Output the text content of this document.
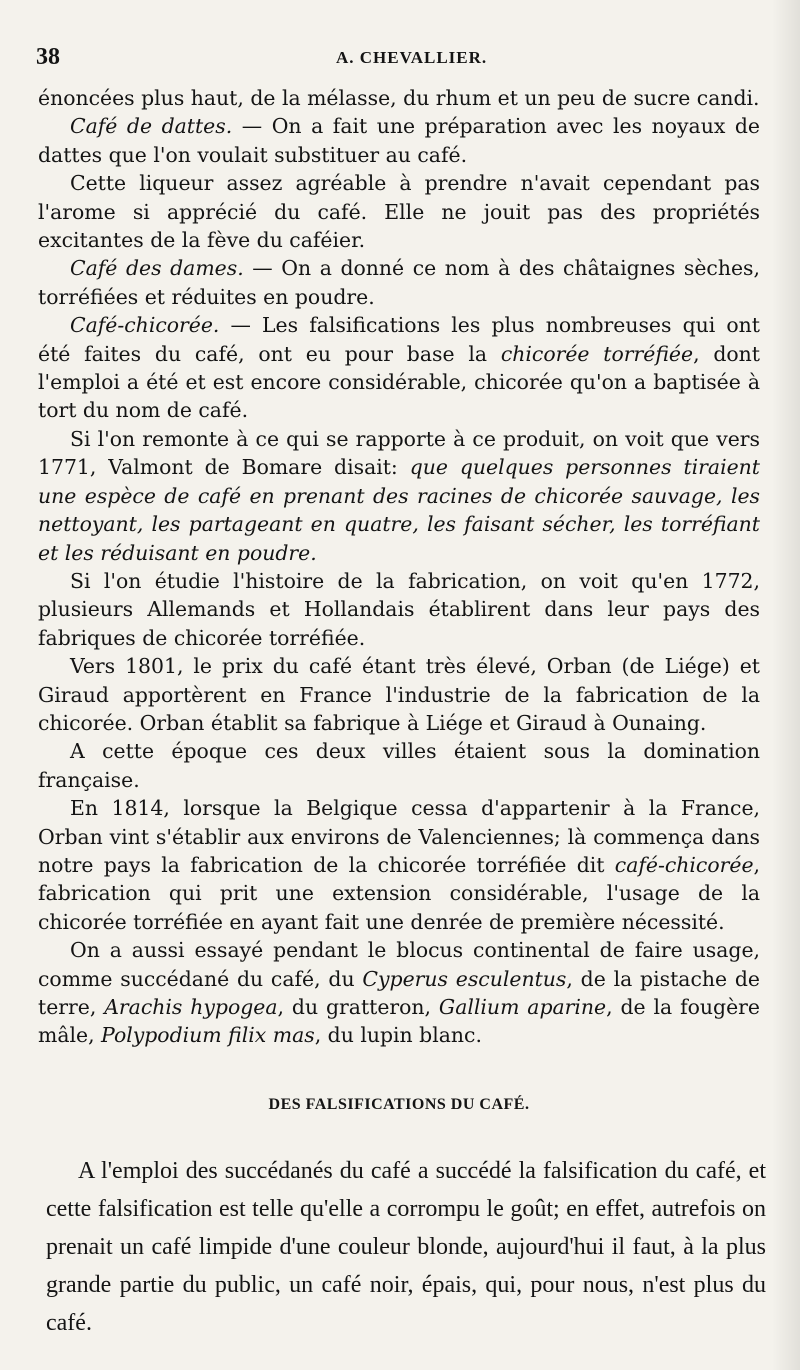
38	A. CHEVALLIER.

énoncées plus haut, de la mélasse, du rhum et un peu de sucre candi.

Café de dattes. — On a fait une préparation avec les noyaux de dattes que l'on voulait substituer au café.

Cette liqueur assez agréable à prendre n'avait cependant pas l'arome si apprécié du café. Elle ne jouit pas des propriétés excitantes de la fève du caféier.

Café des dames. — On a donné ce nom à des châtaignes sèches, torréfiées et réduites en poudre.

Café-chicorée. — Les falsifications les plus nombreuses qui ont été faites du café, ont eu pour base la chicorée torréfiée, dont l'emploi a été et est encore considérable, chicorée qu'on a baptisée à tort du nom de café.

Si l'on remonte à ce qui se rapporte à ce produit, on voit que vers 1771, Valmont de Bomare disait: que quelques personnes tiraient une espèce de café en prenant des racines de chicorée sauvage, les nettoyant, les partageant en quatre, les faisant sécher, les torréfiant et les réduisant en poudre.

Si l'on étudie l'histoire de la fabrication, on voit qu'en 1772, plusieurs Allemands et Hollandais établirent dans leur pays des fabriques de chicorée torréfiée.

Vers 1801, le prix du café étant très élevé, Orban (de Liége) et Giraud apportèrent en France l'industrie de la fabrication de la chicorée. Orban établit sa fabrique à Liége et Giraud à Ounaing.

A cette époque ces deux villes étaient sous la domination française.

En 1814, lorsque la Belgique cessa d'appartenir à la France, Orban vint s'établir aux environs de Valenciennes; là commença dans notre pays la fabrication de la chicorée torréfiée dit café-chicorée, fabrication qui prit une extension considérable, l'usage de la chicorée torréfiée en ayant fait une denrée de première nécessité.

On a aussi essayé pendant le blocus continental de faire usage, comme succédané du café, du Cyperus esculentus, de la pistache de terre, Arachis hypogea, du gratteron, Gallium aparine, de la fougère mâle, Polypodium filix mas, du lupin blanc.

DES FALSIFICATIONS DU CAFÉ.

A l'emploi des succédanés du café a succédé la falsification du café, et cette falsification est telle qu'elle a corrompu le goût; en effet, autrefois on prenait un café limpide d'une couleur blonde, aujourd'hui il faut, à la plus grande partie du public, un café noir, épais, qui, pour nous, n'est plus du café.
